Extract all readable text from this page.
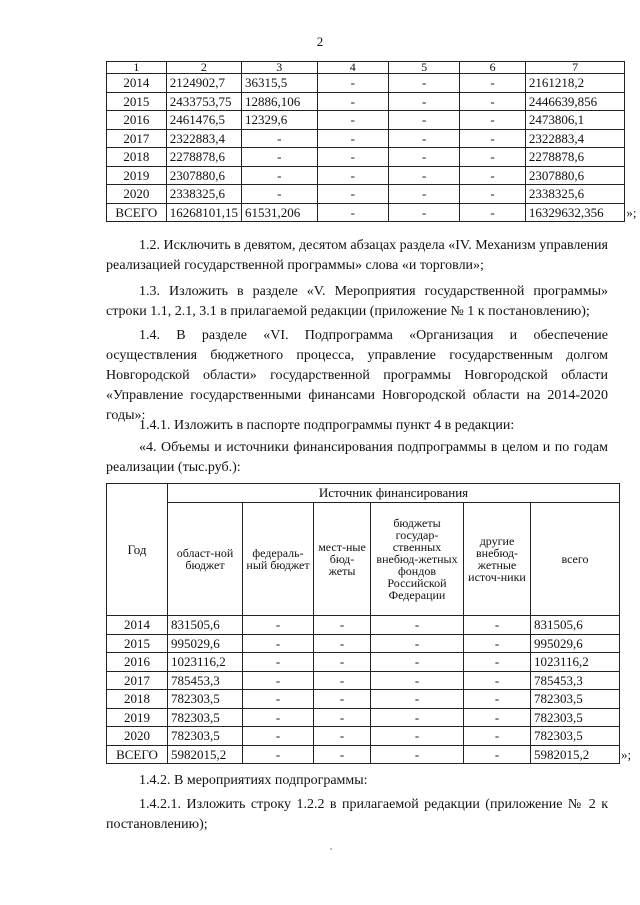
2
1	2	3	4	5	6	7	
2014	2124902,7	36315,5	-	-	-	2161218,2	
2015	2433753,75	12886,106	-	-	-	2446639,856	
2016	2461476,5	12329,6	-	-	-	2473806,1	
2017	2322883,4	-	-	-	-	2322883,4	
2018	2278878,6	-	-	-	-	2278878,6	
2019	2307880,6	-	-	-	-	2307880,6	
2020	2338325,6	-	-	-	-	2338325,6	
ВСЕГО	16268101,15	61531,206	-	-	-	16329632,356	»;

1.2. Исключить в девятом, десятом абзацах раздела «IV. Механизм управления реализацией государственной программы» слова «и торговли»;

1.3. Изложить в разделе «V. Мероприятия государственной программы» строки 1.1, 2.1, 3.1 в прилагаемой редакции (приложение № 1 к постановлению);

1.4. В разделе «VI. Подпрограмма «Организация и обеспечение осуществления бюджетного процесса, управление государственным долгом Новгородской области» государственной программы Новгородской области «Управление государственными финансами Новгородской области на 2014-2020 годы»:

1.4.1. Изложить в паспорте подпрограммы пункт 4 в редакции:

«4. Объемы и источники финансирования подпрограммы в целом и по годам реализации (тыс.руб.):

Год	Источник финансирования						
	област-ной бюджет	федераль-ный бюджет	мест-ные бюд-жеты	бюджеты государ-ственных внебюд-жетных фондов Российской Федерации	другие внебюд-жетные источ-ники	всего	
2014	831505,6	-	-	-	-	831505,6	
2015	995029,6	-	-	-	-	995029,6	
2016	1023116,2	-	-	-	-	1023116,2	
2017	785453,3	-	-	-	-	785453,3	
2018	782303,5	-	-	-	-	782303,5	
2019	782303,5	-	-	-	-	782303,5	
2020	782303,5	-	-	-	-	782303,5	
ВСЕГО	5982015,2	-	-	-	-	5982015,2	»;

1.4.2. В мероприятиях подпрограммы:

1.4.2.1. Изложить строку 1.2.2 в прилагаемой редакции (приложение № 2 к постановлению);
